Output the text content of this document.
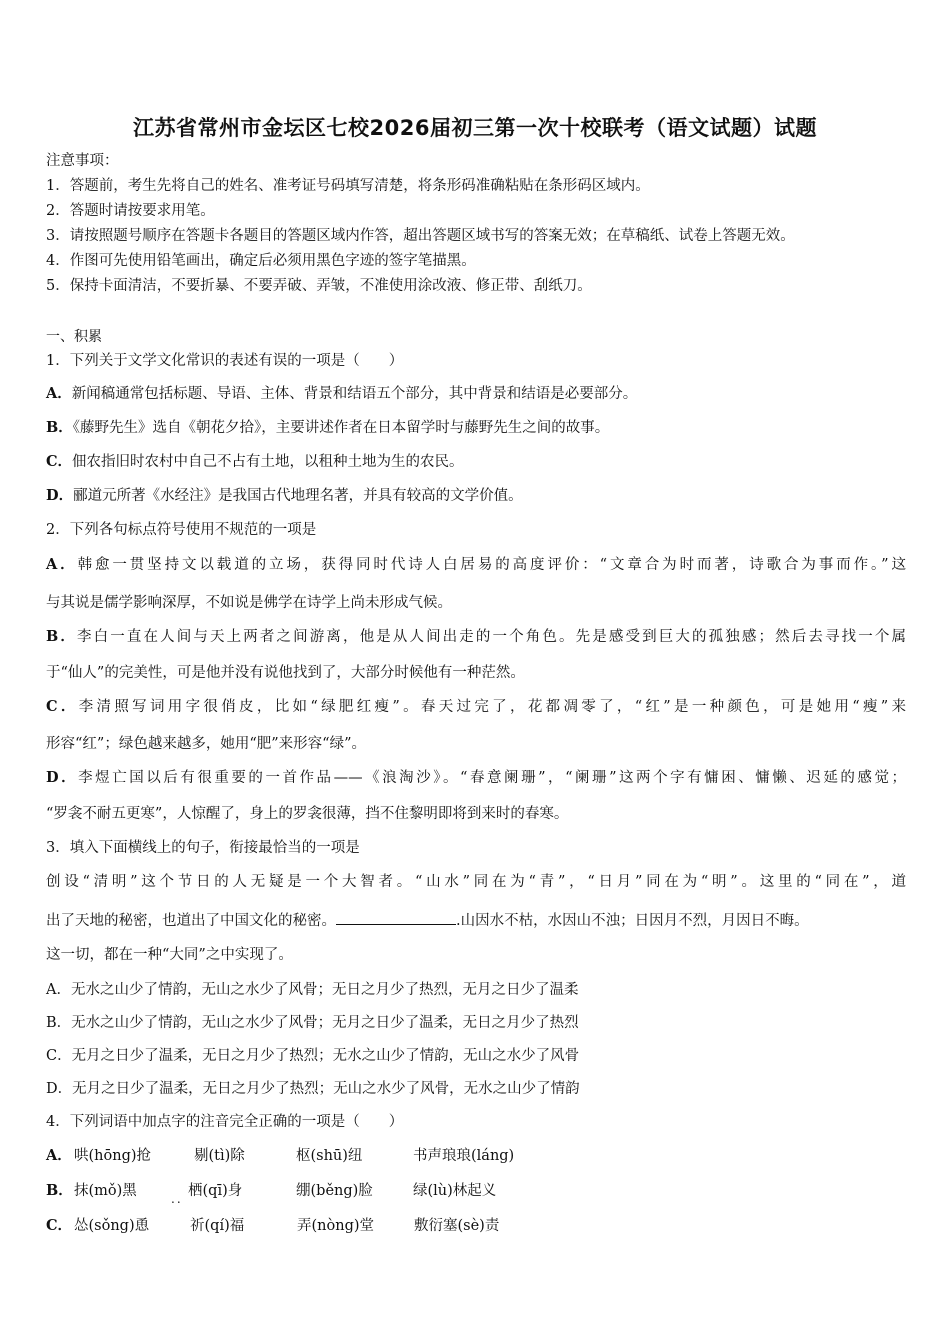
江苏省常州市金坛区七校2026届初三第一次十校联考（语文试题）试题
注意事项：
1．答题前，考生先将自己的姓名、准考证号码填写清楚，将条形码准确粘贴在条形码区域内。
2．答题时请按要求用笔。
3．请按照题号顺序在答题卡各题目的答题区域内作答，超出答题区域书写的答案无效；在草稿纸、试卷上答题无效。
4．作图可先使用铅笔画出，确定后必须用黑色字迹的签字笔描黑。
5．保持卡面清洁，不要折暴、不要弄破、弄皱，不准使用涂改液、修正带、刮纸刀。
一、积累
1．下列关于文学文化常识的表述有误的一项是（　　）
A．新闻稿通常包括标题、导语、主体、背景和结语五个部分，其中背景和结语是必要部分。
B．《藤野先生》选自《朝花夕拾》，主要讲述作者在日本留学时与藤野先生之间的故事。
C．佃农指旧时农村中自己不占有土地，以租种土地为生的农民。
D．郦道元所著《水经注》是我国古代地理名著，并具有较高的文学价值。
2．下列各句标点符号使用不规范的一项是
A．韩愈一贯坚持文以载道的立场，获得同时代诗人白居易的高度评价：“文章合为时而著，诗歌合为事而作。”这
与其说是儒学影响深厚，不如说是佛学在诗学上尚未形成气候。
B．李白一直在人间与天上两者之间游离，他是从人间出走的一个角色。先是感受到巨大的孤独感；然后去寻找一个属
于“仙人”的完美性，可是他并没有说他找到了，大部分时候他有一种茫然。
C．李清照写词用字很俏皮，比如“绿肥红瘦”。春天过完了，花都凋零了，“红”是一种颜色，可是她用“瘦”来
形容“红”；绿色越来越多，她用“肥”来形容“绿”。
D．李煜亡国以后有很重要的一首作品——《浪淘沙》。“春意阑珊”，“阑珊”这两个字有慵困、慵懒、迟延的感觉；
“罗衾不耐五更寒”，人惊醒了，身上的罗衾很薄，挡不住黎明即将到来时的春寒。
3．填入下面横线上的句子，衔接最恰当的一项是
创设“清明”这个节日的人无疑是一个大智者。“山水”同在为“青”，“日月”同在为“明”。这里的“同在”，道
出了天地的秘密，也道出了中国文化的秘密。	.山因水不枯，水因山不浊；日因月不烈，月因日不晦。
这一切，都在一种“大同”之中实现了。
A．无水之山少了情韵，无山之水少了风骨；无日之月少了热烈，无月之日少了温柔
B．无水之山少了情韵，无山之水少了风骨；无月之日少了温柔，无日之月少了热烈
C．无月之日少了温柔，无日之月少了热烈；无水之山少了情韵，无山之水少了风骨
D．无月之日少了温柔，无日之月少了热烈；无山之水少了风骨，无水之山少了情韵
4．下列词语中加点字的注音完全正确的一项是（　　）
A． 哄(hōng)抢	剔(tì)除	枢(shū)纽	书声琅琅(láng)
B． 抹(mǒ)黑	.. 栖(qī)身	绷(běng)脸	绿(lù)林起义
C． 怂(sǒng)恿	祈(qí)福	弄(nòng)堂	敷衍塞(sè)责
